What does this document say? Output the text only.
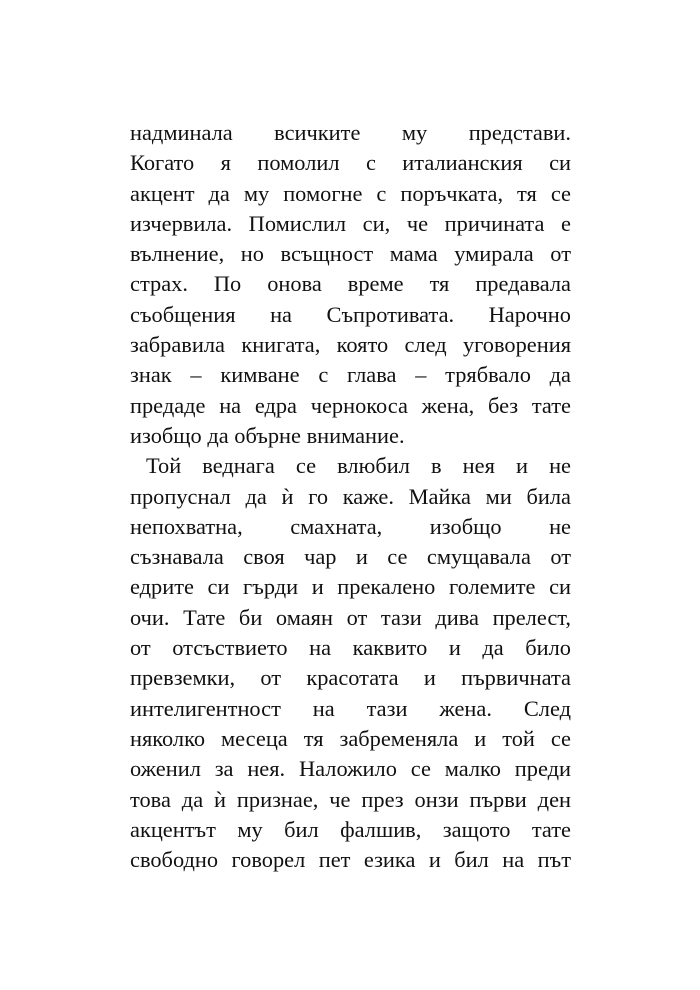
надминала всичките му представи.
Когато я помолил с италианския си
акцент да му помогне с поръчката, тя се
изчервила. Помислил си, че причината е
вълнение, но всъщност мама умирала от
страх. По онова време тя предавала
съобщения на Съпротивата. Нарочно
забравила книгата, която след уговорения
знак – кимване с глава – трябвало да
предаде на едра чернокоса жена, без тате
изобщо да обърне внимание.
Той веднага се влюбил в нея и не
пропуснал да ѝ го каже. Майка ми била
непохватна, смахната, изобщо не
съзнавала своя чар и се смущавала от
едрите си гърди и прекалено големите си
очи. Тате би омаян от тази дива прелест,
от отсъствието на каквито и да било
превземки, от красотата и първичната
интелигентност на тази жена. След
няколко месеца тя забременяла и той се
оженил за нея. Наложило се малко преди
това да ѝ признае, че през онзи първи ден
акцентът му бил фалшив, защото тате
свободно говорел пет езика и бил на път
